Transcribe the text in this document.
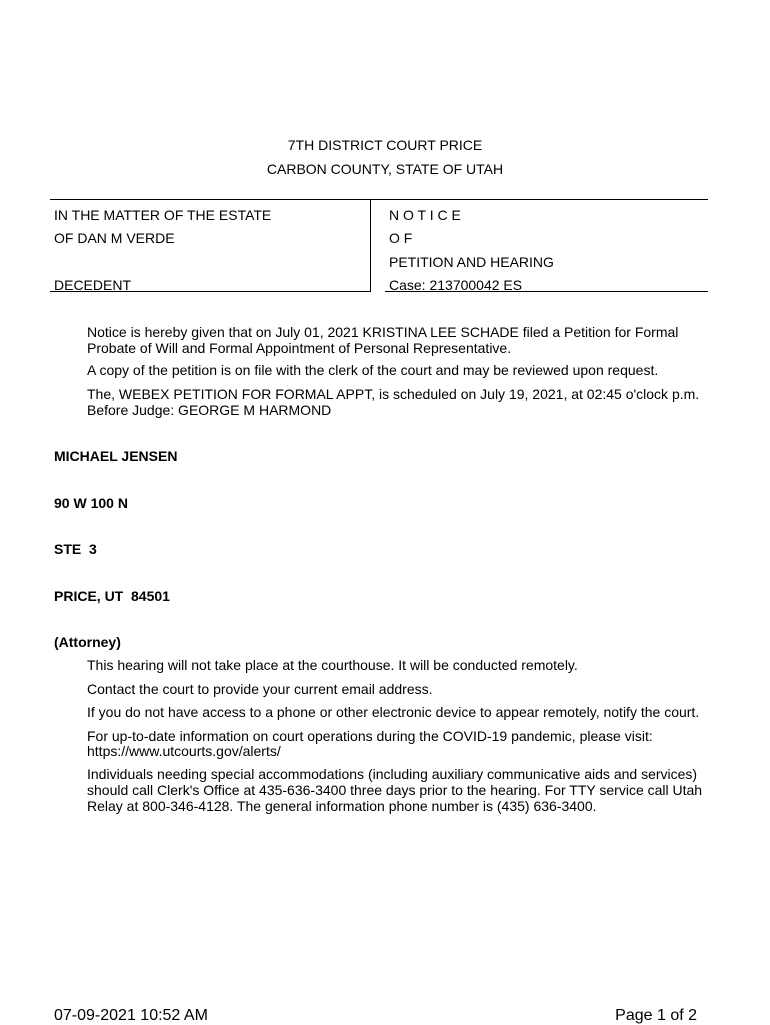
7TH DISTRICT COURT PRICE
CARBON COUNTY, STATE OF UTAH
IN THE MATTER OF THE ESTATE
OF DAN M VERDE
DECEDENT
N O T I C E
O F
PETITION AND HEARING
Case: 213700042 ES
Notice is hereby given that on July 01, 2021 KRISTINA LEE SCHADE filed a Petition for Formal Probate of Will and Formal Appointment of Personal Representative.
A copy of the petition is on file with the clerk of the court and may be reviewed upon request.
The, WEBEX PETITION FOR FORMAL APPT, is scheduled on July 19, 2021, at 02:45 o'clock p.m.
Before Judge: GEORGE M HARMOND
MICHAEL JENSEN
90 W 100 N
STE  3
PRICE, UT  84501
(Attorney)
This hearing will not take place at the courthouse. It will be conducted remotely.
Contact the court to provide your current email address.
If you do not have access to a phone or other electronic device to appear remotely, notify the court.
For up-to-date information on court operations during the COVID-19 pandemic, please visit:
https://www.utcourts.gov/alerts/
Individuals needing special accommodations (including auxiliary communicative aids and services) should call Clerk's Office at 435-636-3400 three days prior to the hearing. For TTY service call Utah Relay at 800-346-4128. The general information phone number is (435) 636-3400.
07-09-2021 10:52 AM	Page 1 of 2
